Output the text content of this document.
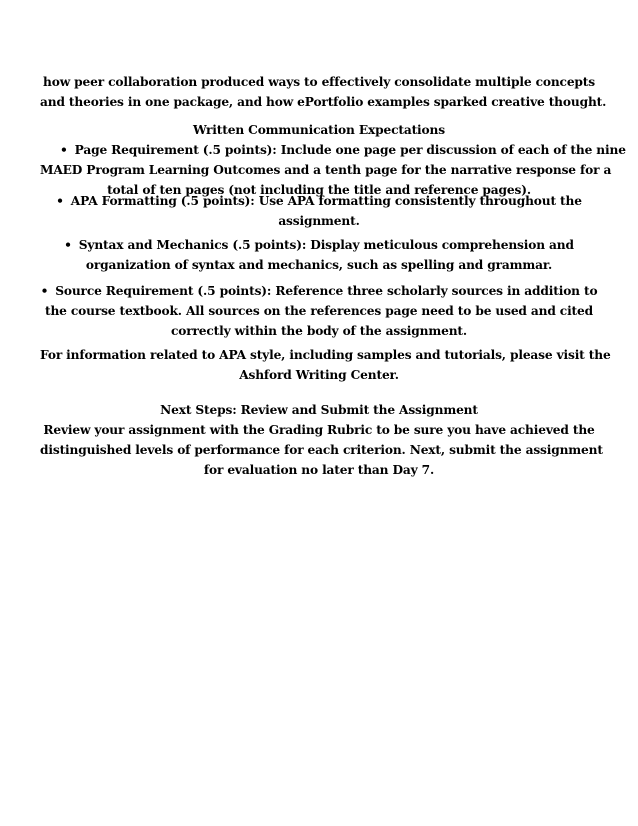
how peer collaboration produced ways to effectively consolidate multiple concepts
and theories in one package, and how ePortfolio examples sparked creative thought.
Written Communication Expectations
• Page Requirement (.5 points): Include one page per discussion of each of the nine
MAED Program Learning Outcomes and a tenth page for the narrative response for a
total of ten pages (not including the title and reference pages).
• APA Formatting (.5 points): Use APA formatting consistently throughout the
assignment.
• Syntax and Mechanics (.5 points): Display meticulous comprehension and
organization of syntax and mechanics, such as spelling and grammar.
• Source Requirement (.5 points): Reference three scholarly sources in addition to
the course textbook. All sources on the references page need to be used and cited
correctly within the body of the assignment.
For information related to APA style, including samples and tutorials, please visit the
Ashford Writing Center.
Next Steps: Review and Submit the Assignment
Review your assignment with the Grading Rubric to be sure you have achieved the
distinguished levels of performance for each criterion. Next, submit the assignment
for evaluation no later than Day 7.
